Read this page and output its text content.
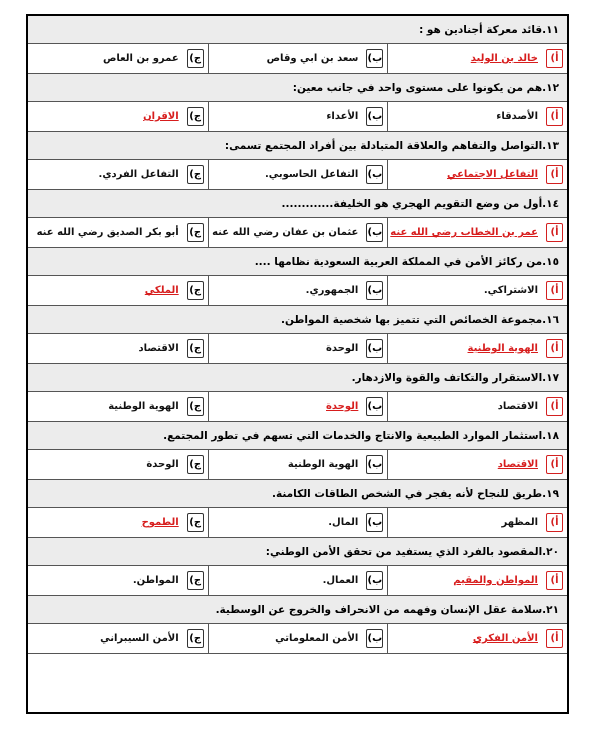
١١.قائد معركة أجنادين هو :
أ)
خالد بن الوليد
ب)
سعد بن ابي وقاص
ج)
عمرو بن العاص
١٢.هم من يكونوا على مستوى واحد في جانب معين:
أ)
الأصدقاء
ب)
الأعداء
ج)
الاقران
١٣.التواصل والتفاهم والعلاقة المتبادلة بين أفراد المجتمع تسمى:
أ)
التفاعل الاجتماعي
ب)
التفاعل الحاسوبي.
ج)
التفاعل الفردي.
١٤.أول من وضع التقويم الهجري هو الخليفة.............
أ)
عمر بن الخطاب رضي الله عنه
ب)
عثمان بن عفان رضي الله عنه
ج)
أبو بكر الصديق رضي الله عنه
١٥.من ركائز الأمن في المملكة العربية السعودية نظامها ....
أ)
الاشتراكي.
ب)
الجمهوري.
ج)
الملكي
١٦.مجموعة الخصائص التي تتميز بها شخصية المواطن.
أ)
الهوية الوطنية
ب)
الوحدة
ج)
الاقتصاد
١٧.الاستقرار والتكاتف والقوة والازدهار.
أ)
الاقتصاد
ب)
الوحدة
ج)
الهوية الوطنية
١٨.استثمار الموارد الطبيعية والانتاج والخدمات التي تسهم في تطور المجتمع.
أ)
الاقتصاد
ب)
الهوية الوطنية
ج)
الوحدة
١٩.طريق للنجاح لأنه يفجر في الشخص الطاقات الكامنة.
أ)
المظهر
ب)
المال.
ج)
الطموح
٢٠.المقصود بالفرد الذي يستفيد من تحقق الأمن الوطني:
أ)
المواطن والمقيم
ب)
العمال.
ج)
المواطن.
٢١.سلامة عقل الإنسان وفهمه من الانحراف والخروج عن الوسطية.
أ)
الأمن الفكري
ب)
الأمن المعلوماتي
ج)
الأمن السيبراني
